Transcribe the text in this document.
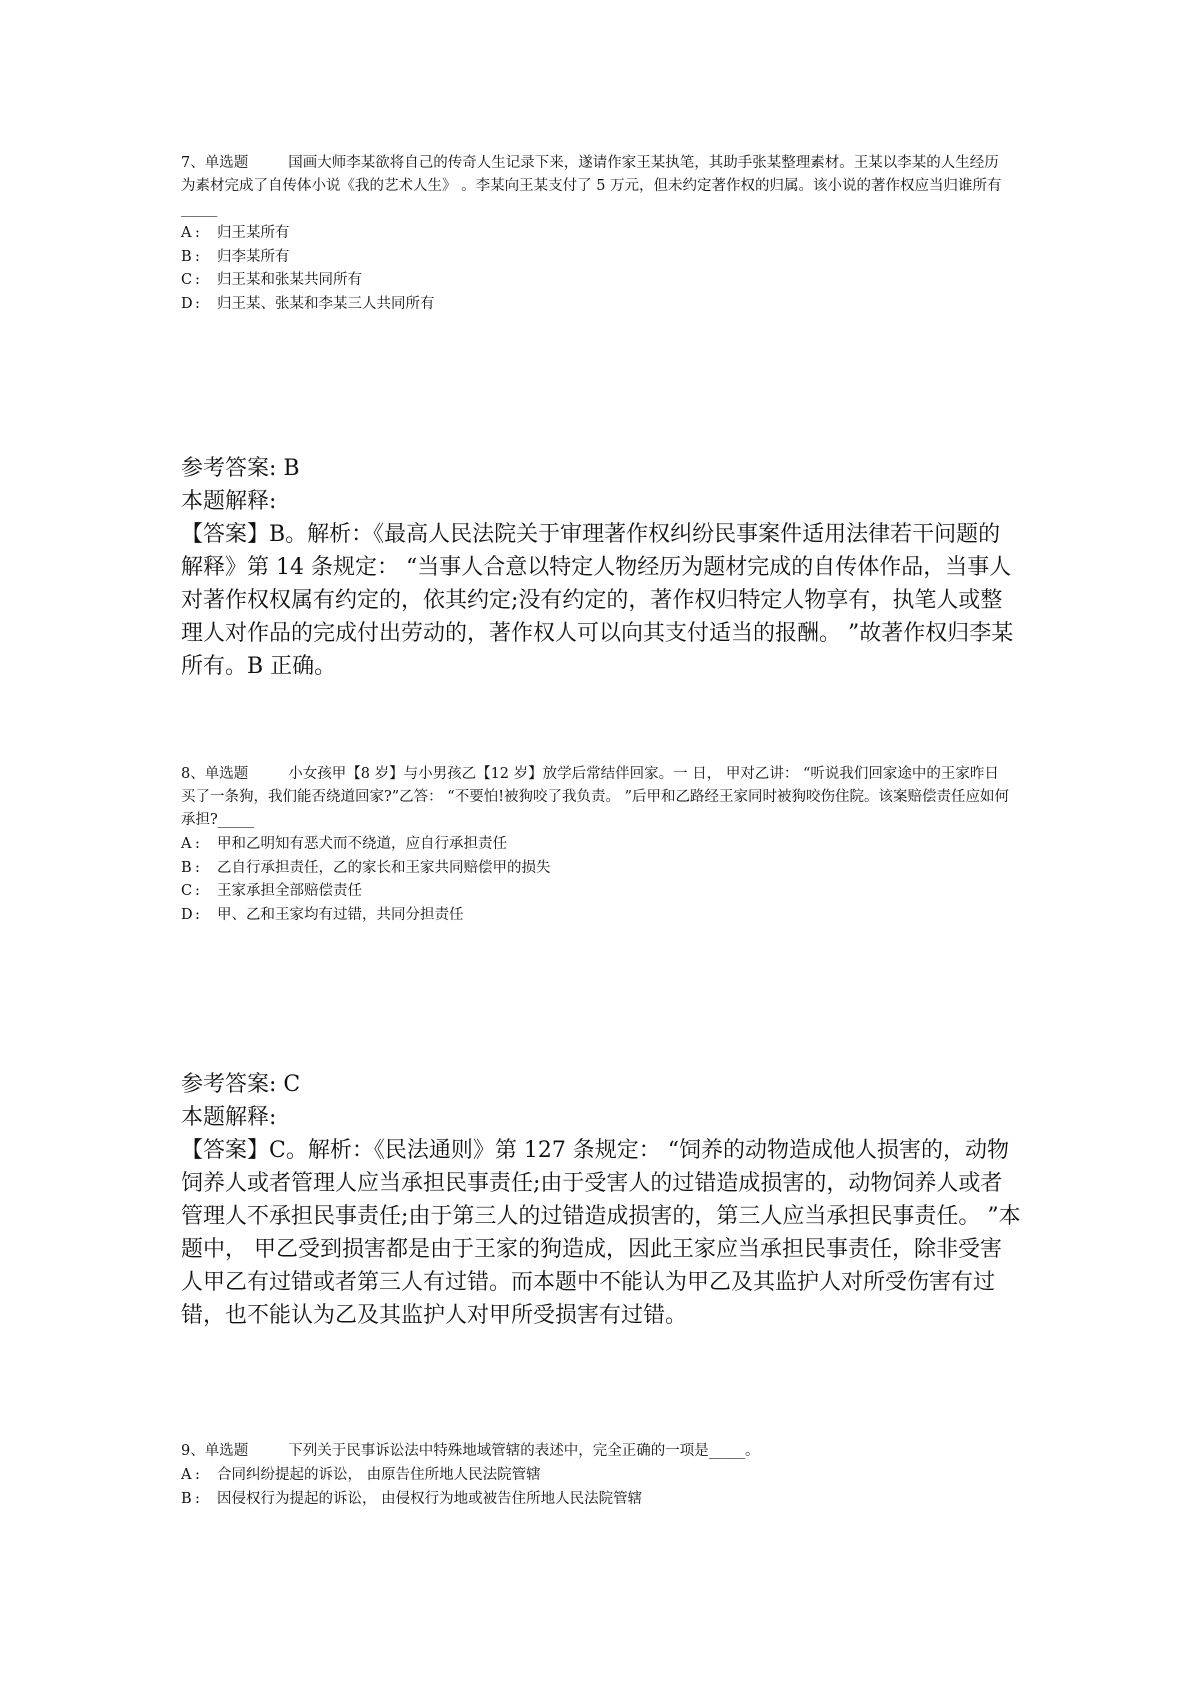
7、单选题	国画大师李某欲将自己的传奇人生记录下来，遂请作家王某执笔，其助手张某整理素材。王某以李某的人生经历为素材完成了自传体小说《我的艺术人生》 。李某向王某支付了 5 万元，但未约定著作权的归属。该小说的著作权应当归谁所有_____

A : 归王某所有

B : 归李某所有

C : 归王某和张某共同所有

D : 归王某、张某和李某三人共同所有

参考答案: B

本题解释:

【答案】B。解析：《最高人民法院关于审理著作权纠纷民事案件适用法律若干问题的解释》第 14 条规定： “当事人合意以特定人物经历为题材完成的自传体作品，当事人对著作权权属有约定的，依其约定;没有约定的，著作权归特定人物享有，执笔人或整理人对作品的完成付出劳动的，著作权人可以向其支付适当的报酬。 ”故著作权归李某所有。B 正确。

8、单选题	小女孩甲【8 岁】与小男孩乙【12 岁】放学后常结伴回家。一 日， 甲对乙讲： “听说我们回家途中的王家昨日买了一条狗，我们能否绕道回家?”乙答： “不要怕!被狗咬了我负责。 ”后甲和乙路经王家同时被狗咬伤住院。该案赔偿责任应如何承担?_____

A : 甲和乙明知有恶犬而不绕道，应自行承担责任

B : 乙自行承担责任，乙的家长和王家共同赔偿甲的损失

C : 王家承担全部赔偿责任

D : 甲、乙和王家均有过错，共同分担责任

参考答案: C

本题解释:

【答案】C。解析：《民法通则》第 127 条规定： “饲养的动物造成他人损害的，动物饲养人或者管理人应当承担民事责任;由于受害人的过错造成损害的，动物饲养人或者管理人不承担民事责任;由于第三人的过错造成损害的，第三人应当承担民事责任。 ”本题中， 甲乙受到损害都是由于王家的狗造成，因此王家应当承担民事责任，除非受害人甲乙有过错或者第三人有过错。而本题中不能认为甲乙及其监护人对所受伤害有过错，也不能认为乙及其监护人对甲所受损害有过错。

9、单选题	下列关于民事诉讼法中特殊地域管辖的表述中，完全正确的一项是_____。

A : 合同纠纷提起的诉讼， 由原告住所地人民法院管辖

B : 因侵权行为提起的诉讼， 由侵权行为地或被告住所地人民法院管辖
